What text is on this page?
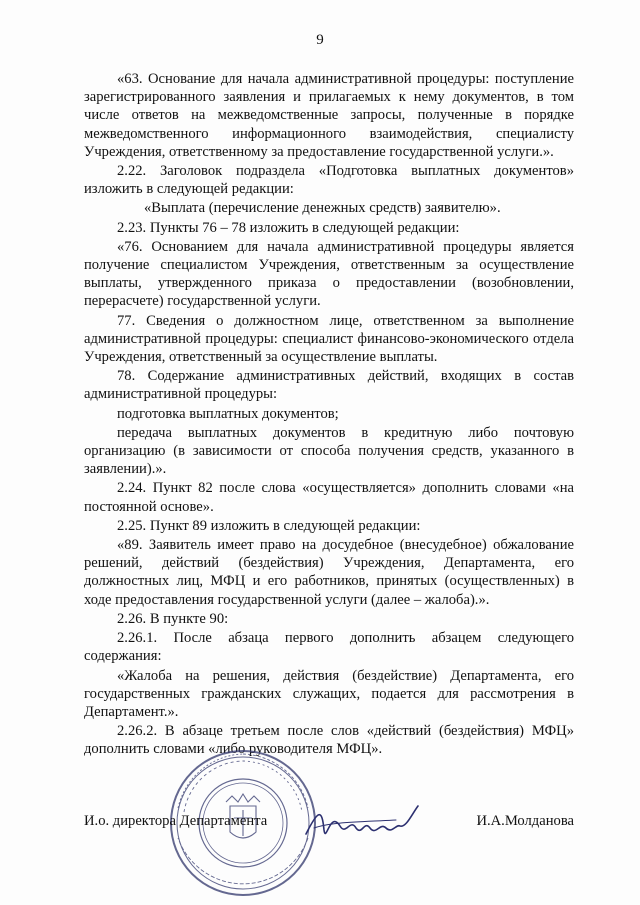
9

«63. Основание для начала административной процедуры: поступление зарегистрированного заявления и прилагаемых к нему документов, в том числе ответов на межведомственные запросы, полученные в порядке межведомственного информационного взаимодействия, специалисту Учреждения, ответственному за предоставление государственной услуги.».

2.22. Заголовок подраздела «Подготовка выплатных документов» изложить в следующей редакции:

«Выплата (перечисление денежных средств) заявителю».

2.23. Пункты 76 – 78 изложить в следующей редакции:

«76. Основанием для начала административной процедуры является получение специалистом Учреждения, ответственным за осуществление выплаты, утвержденного приказа о предоставлении (возобновлении, перерасчете) государственной услуги.

77. Сведения о должностном лице, ответственном за выполнение административной процедуры: специалист финансово-экономического отдела Учреждения, ответственный за осуществление выплаты.

78. Содержание административных действий, входящих в состав административной процедуры:

подготовка выплатных документов;

передача выплатных документов в кредитную либо почтовую организацию (в зависимости от способа получения средств, указанного в заявлении).».

2.24. Пункт 82 после слова «осуществляется» дополнить словами «на постоянной основе».

2.25. Пункт 89 изложить в следующей редакции:

«89. Заявитель имеет право на досудебное (внесудебное) обжалование решений, действий (бездействия) Учреждения, Департамента, его должностных лиц, МФЦ и его работников, принятых (осуществленных) в ходе предоставления государственной услуги (далее – жалоба).».

2.26. В пункте 90:

2.26.1. После абзаца первого дополнить абзацем следующего содержания:

«Жалоба на решения, действия (бездействие) Департамента, его государственных гражданских служащих, подается для рассмотрения в Департамент.».

2.26.2. В абзаце третьем после слов «действий (бездействия) МФЦ» дополнить словами «либо руководителя МФЦ».

И.о. директора Департамента	И.А.Молданова
